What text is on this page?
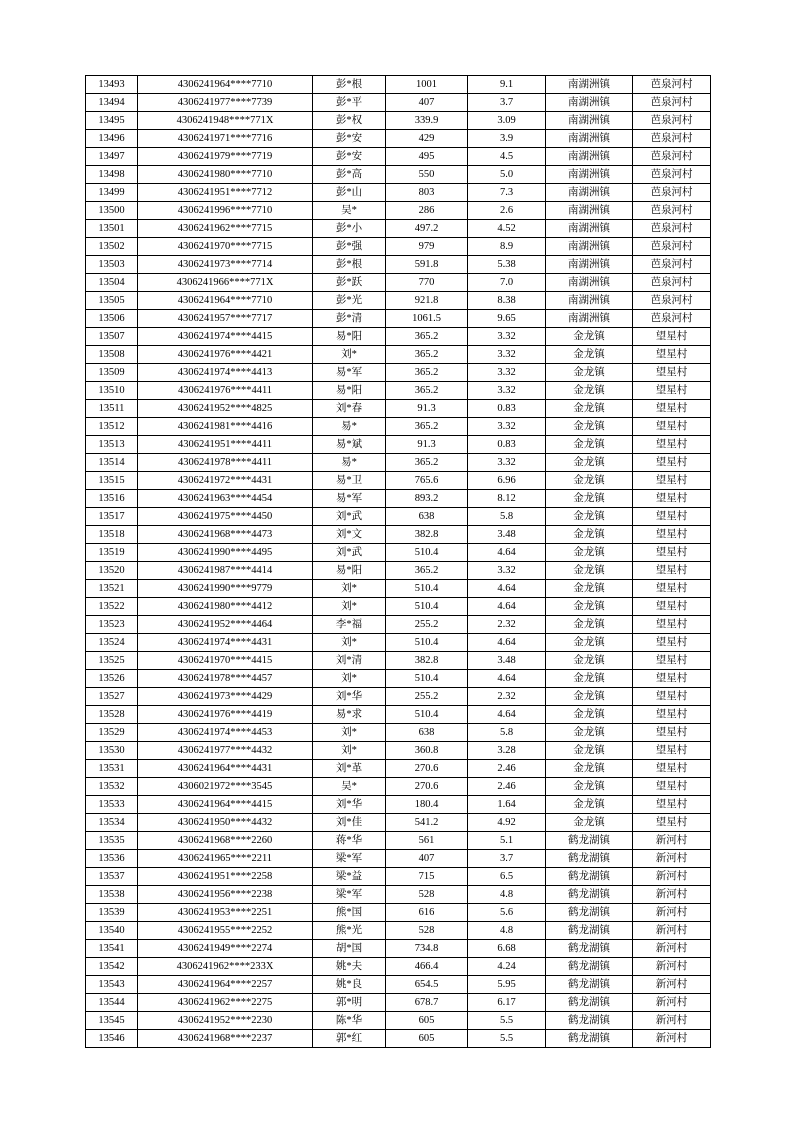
13493	4306241964****7710	彭*根	1001	9.1	南湖洲镇	芭泉河村
13494	4306241977****7739	彭*平	407	3.7	南湖洲镇	芭泉河村
13495	4306241948****771X	彭*权	339.9	3.09	南湖洲镇	芭泉河村
13496	4306241971****7716	彭*安	429	3.9	南湖洲镇	芭泉河村
13497	4306241979****7719	彭*安	495	4.5	南湖洲镇	芭泉河村
13498	4306241980****7710	彭*高	550	5.0	南湖洲镇	芭泉河村
13499	4306241951****7712	彭*山	803	7.3	南湖洲镇	芭泉河村
13500	4306241996****7710	吴*	286	2.6	南湖洲镇	芭泉河村
13501	4306241962****7715	彭*小	497.2	4.52	南湖洲镇	芭泉河村
13502	4306241970****7715	彭*强	979	8.9	南湖洲镇	芭泉河村
13503	4306241973****7714	彭*根	591.8	5.38	南湖洲镇	芭泉河村
13504	4306241966****771X	彭*跃	770	7.0	南湖洲镇	芭泉河村
13505	4306241964****7710	彭*光	921.8	8.38	南湖洲镇	芭泉河村
13506	4306241957****7717	彭*清	1061.5	9.65	南湖洲镇	芭泉河村
13507	4306241974****4415	易*阳	365.2	3.32	金龙镇	望星村
13508	4306241976****4421	刘*	365.2	3.32	金龙镇	望星村
13509	4306241974****4413	易*军	365.2	3.32	金龙镇	望星村
13510	4306241976****4411	易*阳	365.2	3.32	金龙镇	望星村
13511	4306241952****4825	刘*春	91.3	0.83	金龙镇	望星村
13512	4306241981****4416	易*	365.2	3.32	金龙镇	望星村
13513	4306241951****4411	易*斌	91.3	0.83	金龙镇	望星村
13514	4306241978****4411	易*	365.2	3.32	金龙镇	望星村
13515	4306241972****4431	易*卫	765.6	6.96	金龙镇	望星村
13516	4306241963****4454	易*军	893.2	8.12	金龙镇	望星村
13517	4306241975****4450	刘*武	638	5.8	金龙镇	望星村
13518	4306241968****4473	刘*文	382.8	3.48	金龙镇	望星村
13519	4306241990****4495	刘*武	510.4	4.64	金龙镇	望星村
13520	4306241987****4414	易*阳	365.2	3.32	金龙镇	望星村
13521	4306241990****9779	刘*	510.4	4.64	金龙镇	望星村
13522	4306241980****4412	刘*	510.4	4.64	金龙镇	望星村
13523	4306241952****4464	李*福	255.2	2.32	金龙镇	望星村
13524	4306241974****4431	刘*	510.4	4.64	金龙镇	望星村
13525	4306241970****4415	刘*清	382.8	3.48	金龙镇	望星村
13526	4306241978****4457	刘*	510.4	4.64	金龙镇	望星村
13527	4306241973****4429	刘*华	255.2	2.32	金龙镇	望星村
13528	4306241976****4419	易*求	510.4	4.64	金龙镇	望星村
13529	4306241974****4453	刘*	638	5.8	金龙镇	望星村
13530	4306241977****4432	刘*	360.8	3.28	金龙镇	望星村
13531	4306241964****4431	刘*革	270.6	2.46	金龙镇	望星村
13532	4306021972****3545	吴*	270.6	2.46	金龙镇	望星村
13533	4306241964****4415	刘*华	180.4	1.64	金龙镇	望星村
13534	4306241950****4432	刘*佳	541.2	4.92	金龙镇	望星村
13535	4306241968****2260	蒋*华	561	5.1	鹤龙湖镇	新河村
13536	4306241965****2211	梁*军	407	3.7	鹤龙湖镇	新河村
13537	4306241951****2258	梁*益	715	6.5	鹤龙湖镇	新河村
13538	4306241956****2238	梁*军	528	4.8	鹤龙湖镇	新河村
13539	4306241953****2251	熊*国	616	5.6	鹤龙湖镇	新河村
13540	4306241955****2252	熊*光	528	4.8	鹤龙湖镇	新河村
13541	4306241949****2274	胡*国	734.8	6.68	鹤龙湖镇	新河村
13542	4306241962****233X	姚*夫	466.4	4.24	鹤龙湖镇	新河村
13543	4306241964****2257	姚*良	654.5	5.95	鹤龙湖镇	新河村
13544	4306241962****2275	郭*明	678.7	6.17	鹤龙湖镇	新河村
13545	4306241952****2230	陈*华	605	5.5	鹤龙湖镇	新河村
13546	4306241968****2237	郭*红	605	5.5	鹤龙湖镇	新河村
